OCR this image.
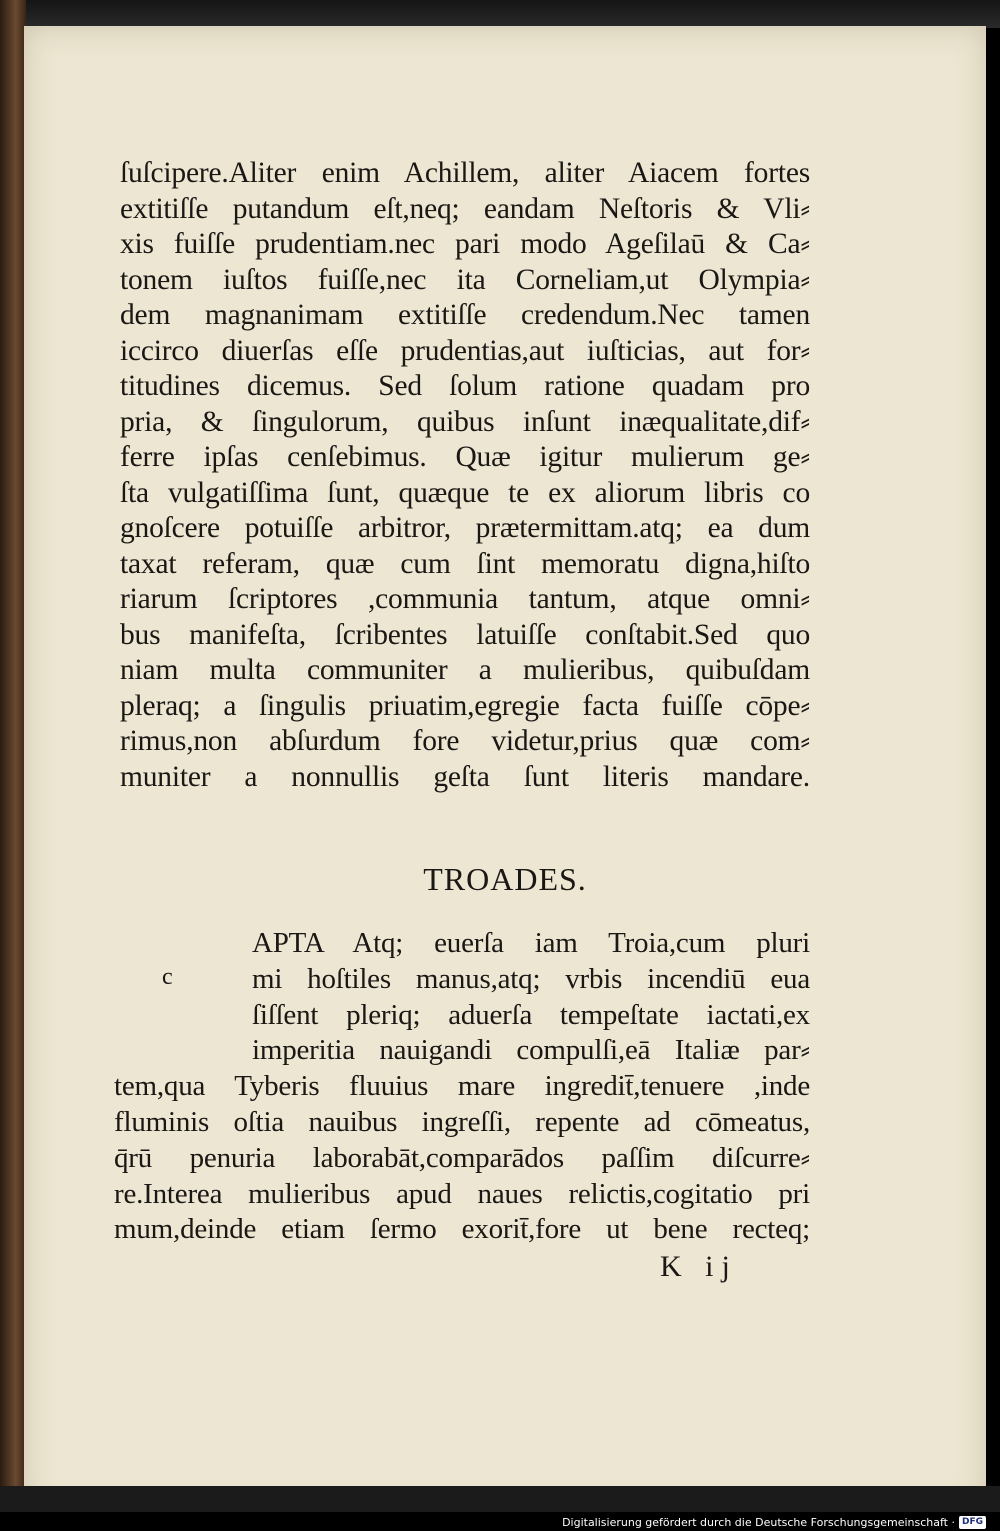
ſuſcipere.Aliter enim Achillem, aliter Aiacem fortes
extitiſſe putandum eſt,neq; eandam Neſtoris & Vli⸗
xis fuiſſe prudentiam.nec pari modo Ageſilaū & Ca⸗
tonem iuſtos fuiſſe,nec ita Corneliam,ut Olympia⸗
dem magnanimam extitiſſe credendum.Nec tamen
iccirco diuerſas eſſe prudentias,aut iuſticias, aut for⸗
titudines dicemus. Sed ſolum ratione quadam pro
pria, & ſingulorum, quibus inſunt inæqualitate,dif⸗
ferre ipſas cenſebimus. Quæ igitur mulierum ge⸗
ſta vulgatiſſima ſunt, quæque te ex aliorum libris co
gnoſcere potuiſſe arbitror, prætermittam.atq; ea dum
taxat referam, quæ cum ſint memoratu digna,hiſto
riarum ſcriptores ,communia tantum, atque omni⸗
bus manifeſta, ſcribentes latuiſſe conſtabit.Sed quo
niam multa communiter a mulieribus, quibuſdam
pleraq; a ſingulis priuatim,egregie facta fuiſſe cōpe⸗
rimus,non abſurdum fore videtur,prius quæ com⸗
muniter a nonnullis geſta ſunt literis mandare.
TROADES.
c
APTA Atq; euerſa iam Troia,cum pluri
mi hoſtiles manus,atq; vrbis incendiū eua
ſiſſent pleriq; aduerſa tempeſtate iactati,ex
imperitia nauigandi compulſi,eā Italiæ par⸗
tem,qua Tyberis fluuius mare ingredit̄,tenuere ,inde
fluminis oſtia nauibus ingreſſi, repente ad cōmeatus,
q̄rū penuria laborabāt,comparādos paſſim diſcurre⸗
re.Interea mulieribus apud naues relictis,cogitatio pri
mum,deinde etiam ſermo exorit̄,fore ut bene recteq;
K ij
Digitalisierung gefördert durch die Deutsche Forschungsgemeinschaft · DFG
